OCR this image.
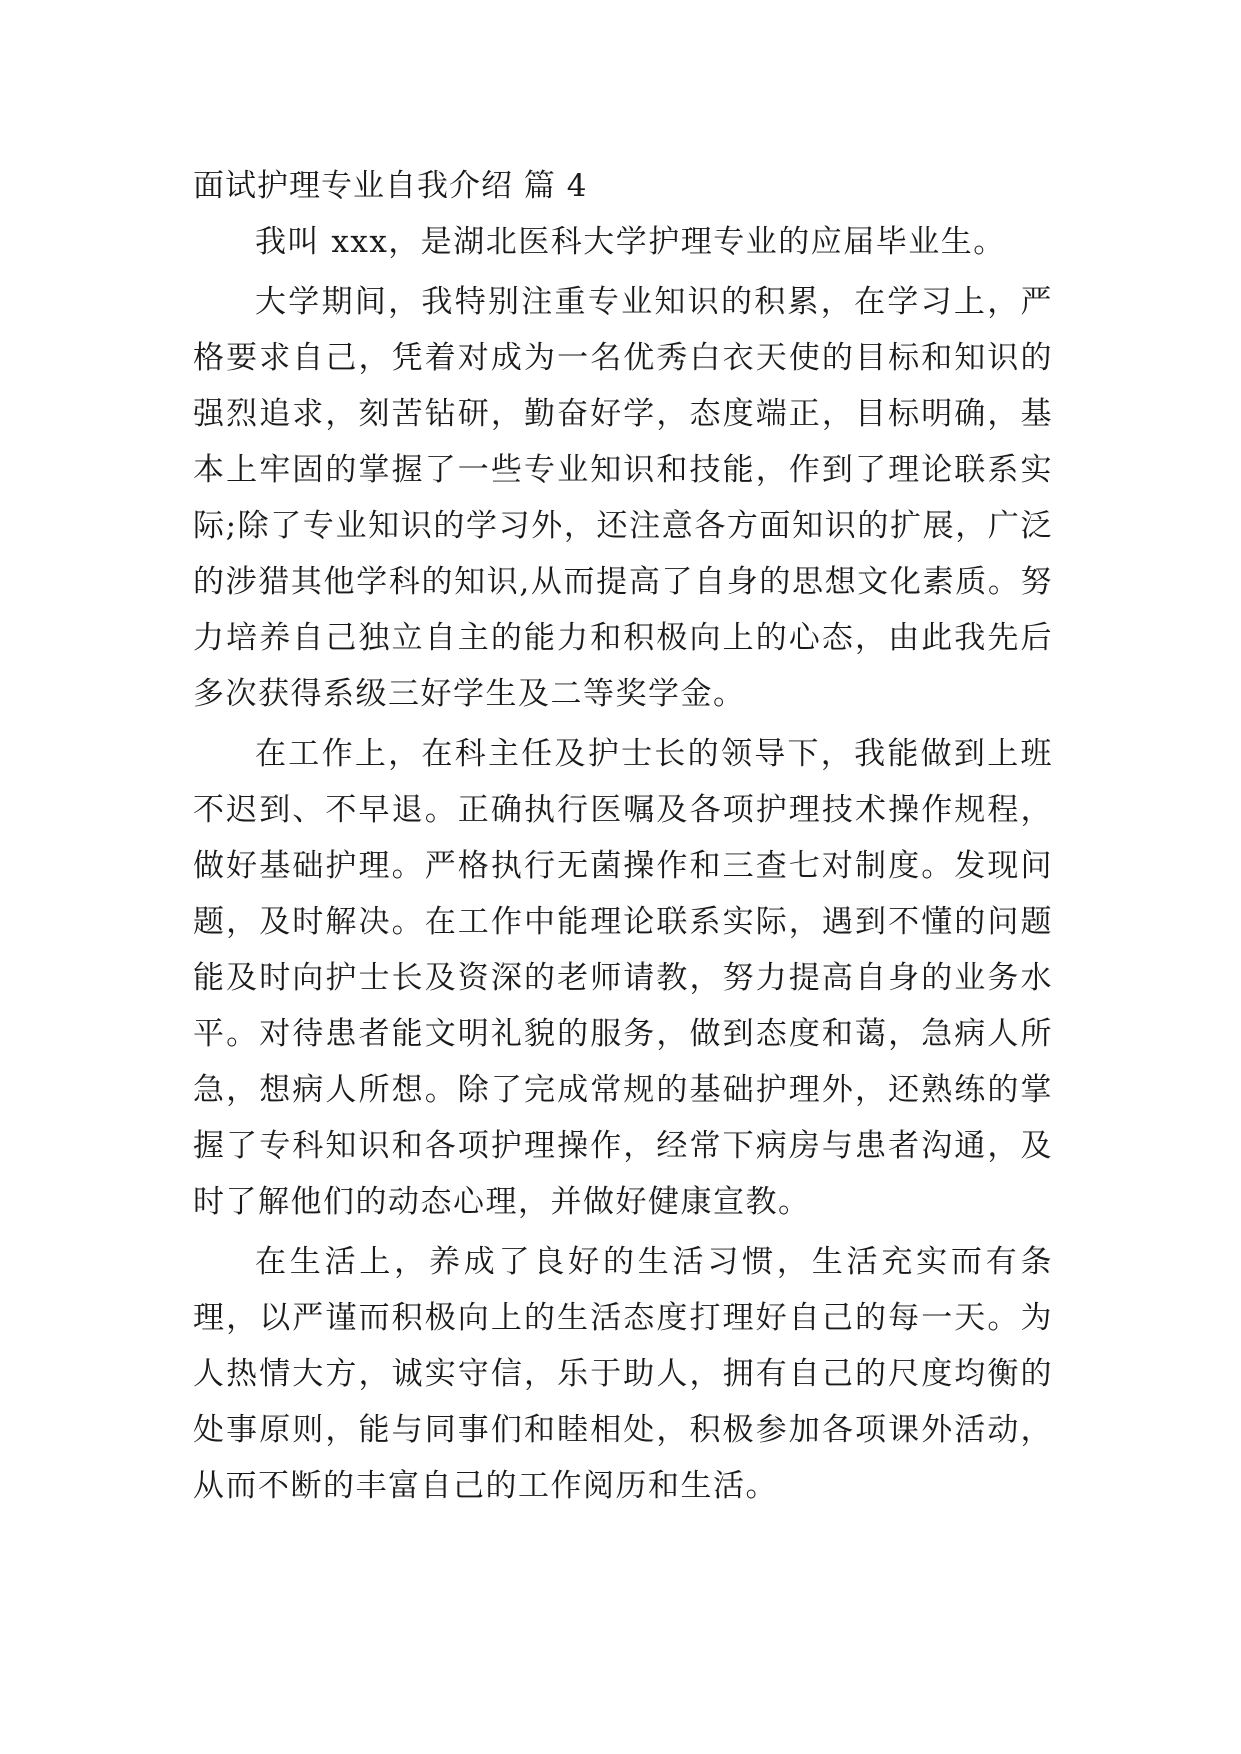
面试护理专业自我介绍 篇 4

我叫 xxx，是湖北医科大学护理专业的应届毕业生。

大学期间，我特别注重专业知识的积累，在学习上，严格要求自己，凭着对成为一名优秀白衣天使的目标和知识的强烈追求，刻苦钻研，勤奋好学，态度端正，目标明确，基本上牢固的掌握了一些专业知识和技能，作到了理论联系实际;除了专业知识的学习外，还注意各方面知识的扩展，广泛的涉猎其他学科的知识,从而提高了自身的思想文化素质。努力培养自己独立自主的能力和积极向上的心态，由此我先后多次获得系级三好学生及二等奖学金。

在工作上，在科主任及护士长的领导下，我能做到上班不迟到、不早退。正确执行医嘱及各项护理技术操作规程，做好基础护理。严格执行无菌操作和三查七对制度。发现问题，及时解决。在工作中能理论联系实际，遇到不懂的问题能及时向护士长及资深的老师请教，努力提高自身的业务水平。对待患者能文明礼貌的服务，做到态度和蔼，急病人所急，想病人所想。除了完成常规的基础护理外，还熟练的掌握了专科知识和各项护理操作，经常下病房与患者沟通，及时了解他们的动态心理，并做好健康宣教。

在生活上，养成了良好的生活习惯，生活充实而有条理，以严谨而积极向上的生活态度打理好自己的每一天。为人热情大方，诚实守信，乐于助人，拥有自己的尺度均衡的处事原则，能与同事们和睦相处，积极参加各项课外活动，从而不断的丰富自己的工作阅历和生活。
